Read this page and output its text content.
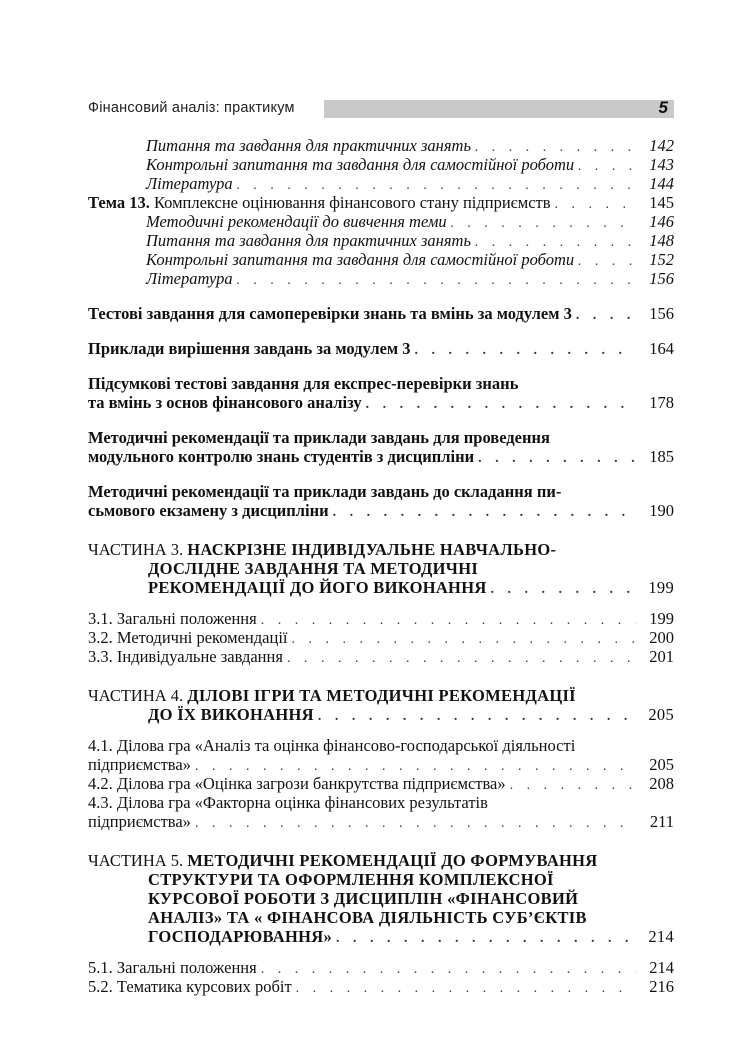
Фінансовий аналіз: практикум	5
Питання та завдання для практичних занять . . .	142
Контрольні запитання та завдання для самостійної роботи . . .	143
Література . . .	144
Тема 13. Комплексне оцінювання фінансового стану підприємств . . .	145
Методичні рекомендації до вивчення теми . . .	146
Питання та завдання для практичних занять . . .	148
Контрольні запитання та завдання для самостійної роботи . . .	152
Література . . .	156
Тестові завдання для самоперевірки знань та вмінь за модулем 3 . . .	156
Приклади вирішення завдань за модулем 3 . . .	164
Підсумкові тестові завдання для експрес-перевірки знань
та вмінь з основ фінансового аналізу . . .	178
Методичні рекомендації та приклади завдань для проведення
модульного контролю знань студентів з дисципліни . . .	185
Методичні рекомендації та приклади завдань до складання пи-
сьмового екзамену з дисципліни . . .	190
ЧАСТИНА 3. НАСКРІЗНЕ ІНДИВІДУАЛЬНЕ НАВЧАЛЬНО-
ДОСЛІДНЕ ЗАВДАННЯ ТА МЕТОДИЧНІ
РЕКОМЕНДАЦІЇ ДО ЙОГО ВИКОНАННЯ . . .	199
3.1. Загальні положення . . .	199
3.2. Методичні рекомендації . . .	200
3.3. Індивідуальне завдання . . .	201
ЧАСТИНА 4. ДІЛОВІ ІГРИ ТА МЕТОДИЧНІ РЕКОМЕНДАЦІЇ
ДО ЇХ ВИКОНАННЯ . . .	205
4.1. Ділова гра «Аналіз та оцінка фінансово-господарської діяльності
підприємства» . . .	205
4.2. Ділова гра «Оцінка загрози банкрутства підприємства» . . .	208
4.3. Ділова гра «Факторна оцінка фінансових результатів
підприємства» . . .	211
ЧАСТИНА 5. МЕТОДИЧНІ РЕКОМЕНДАЦІЇ ДО ФОРМУВАННЯ
СТРУКТУРИ ТА ОФОРМЛЕННЯ КОМПЛЕКСНОЇ
КУРСОВОЇ РОБОТИ З ДИСЦИПЛІН «ФІНАНСОВИЙ
АНАЛІЗ» ТА « ФІНАНСОВА ДІЯЛЬНІСТЬ СУБ’ЄКТІВ
ГОСПОДАРЮВАННЯ» . . .	214
5.1. Загальні положення . . .	214
5.2. Тематика курсових робіт . . .	216
